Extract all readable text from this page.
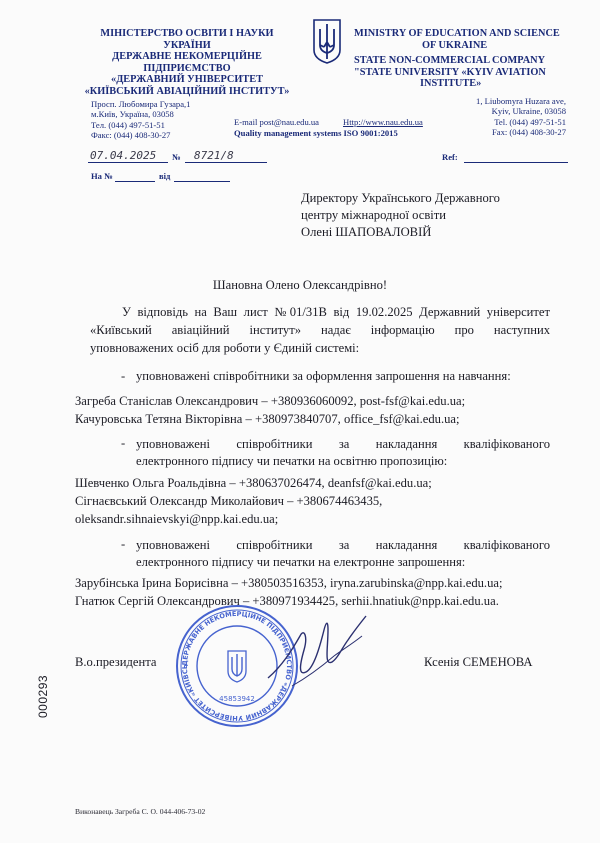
МІНІСТЕРСТВО ОСВІТИ І НАУКИ
УКРАЇНИ
ДЕРЖАВНЕ НЕКОМЕРЦІЙНЕ
ПІДПРИЄМСТВО
«ДЕРЖАВНИЙ УНІВЕРСИТЕТ
«КИЇВСЬКИЙ АВІАЦІЙНИЙ ІНСТИТУТ»
Просп. Любомира Гузара,1
м.Київ, Україна, 03058
Тел. (044) 497-51-51
Факс: (044) 408-30-27
MINISTRY OF EDUCATION AND SCIENCE
OF UKRAINE
STATE NON-COMMERCIAL COMPANY
"STATE UNIVERSITY «KYIV AVIATION
INSTITUTE»
1, Liubomyra Huzara ave,
Kyiv, Ukraine, 03058
Tel. (044) 497-51-51
Fax: (044) 408-30-27
E-mail post@nau.edu.ua	Http://www.nau.edu.ua
Quality management systems ISO 9001:2015
07.04.2025 № 8721/8	Ref:
На №	від
Директору Українського Державного
центру міжнародної освіти
Олені ШАПОВАЛОВІЙ
Шановна Олено Олександрівно!
У відповідь на Ваш лист №01/31В від 19.02.2025 Державний університет
«Київський авіаційний інститут» надає інформацію про наступних
уповноважених осіб для роботи у Єдиній системі:
- уповноважені співробітники за оформлення запрошення на навчання:
Загреба Станіслав Олександрович – +380936060092, post-fsf@kai.edu.ua;
Качуровська Тетяна Вікторівна – +380973840707, office_fsf@kai.edu.ua;
- уповноважені співробітники за накладання кваліфікованого
електронного підпису чи печатки на освітню пропозицію:
Шевченко Ольга Роальдівна – +380637026474, deanfsf@kai.edu.ua;
Сігнаєвський Олександр Миколайович – +380674463435,
oleksandr.sihnaievskyi@npp.kai.edu.ua;
- уповноважені співробітники за накладання кваліфікованого
електронного підпису чи печатки на електронне запрошення:
Зарубінська Ірина Борисівна – +380503516353, iryna.zarubinska@npp.kai.edu.ua;
Гнатюк Сергій Олександрович – +380971934425, serhii.hnatiuk@npp.kai.edu.ua.
ДЕРЖАВНЕ НЕКОМЕРЦІЙНЕ ПІДПРИЄМСТВО «ДЕРЖАВНИЙ УНІВЕРСИТЕТ «КИЇВСЬ
45853942
В.о.президента	Ксенія СЕМЕНОВА
000293
Виконавець Загреба С. О. 044-406-73-02
